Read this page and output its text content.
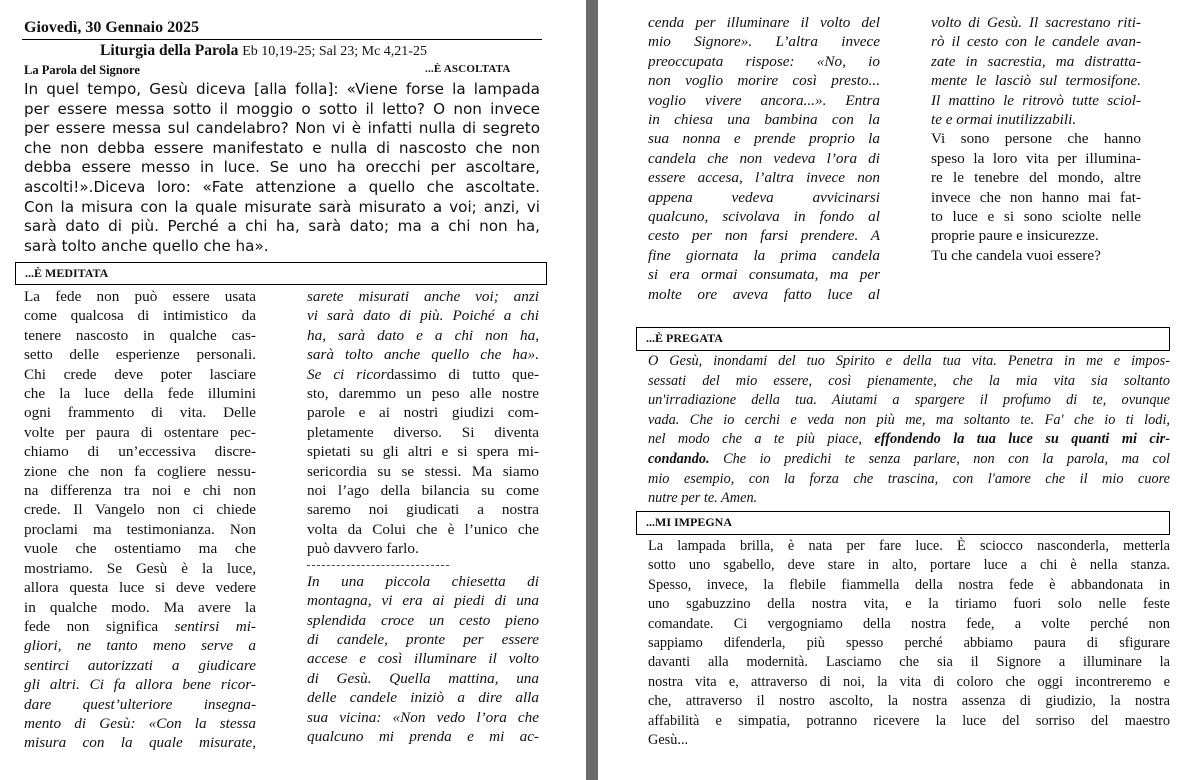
Giovedì, 30 Gennaio 2025
Liturgia della Parola Eb 10,19-25; Sal 23; Mc 4,21-25
La Parola del Signore	...È ASCOLTATA
In quel tempo, Gesù diceva [alla folla]: «Viene forse la lampada
per essere messa sotto il moggio o sotto il letto? O non invece
per essere messa sul candelabro? Non vi è infatti nulla di segreto
che non debba essere manifestato e nulla di nascosto che non
debba essere messo in luce. Se uno ha orecchi per ascoltare,
ascolti!».Diceva loro: «Fate attenzione a quello che ascoltate.
Con la misura con la quale misurate sarà misurato a voi; anzi, vi
sarà dato di più. Perché a chi ha, sarà dato; ma a chi non ha,
sarà tolto anche quello che ha».
...È MEDITATA
La fede non può essere usata
come qualcosa di intimistico da
tenere nascosto in qualche cas-
setto delle esperienze personali.
Chi crede deve poter lasciare
che la luce della fede illumini
ogni frammento di vita. Delle
volte per paura di ostentare pec-
chiamo di un’eccessiva discre-
zione che non fa cogliere nessu-
na differenza tra noi e chi non
crede. Il Vangelo non ci chiede
proclami ma testimonianza. Non
vuole che ostentiamo ma che
mostriamo. Se Gesù è la luce,
allora questa luce si deve vedere
in qualche modo. Ma avere la
fede non significa sentirsi mi-
gliori, ne tanto meno serve a
sentirci autorizzati a giudicare
gli altri. Ci fa allora bene ricor-
dare quest’ulteriore insegna-
mento di Gesù: «Con la stessa
misura con la quale misurate,
sarete misurati anche voi; anzi
vi sarà dato di più. Poiché a chi
ha, sarà dato e a chi non ha,
sarà tolto anche quello che ha».
Se ci ricordassimo di tutto que-
sto, daremmo un peso alle nostre
parole e ai nostri giudizi com-
pletamente diverso. Si diventa
spietati su gli altri e si spera mi-
sericordia su se stessi. Ma siamo
noi l’ago della bilancia su come
saremo noi giudicati a nostra
volta da Colui che è l’unico che
può davvero farlo.
In una piccola chiesetta di
montagna, vi era ai piedi di una
splendida croce un cesto pieno
di candele, pronte per essere
accese e così illuminare il volto
di Gesù. Quella mattina, una
delle candele iniziò a dire alla
sua vicina: «Non vedo l’ora che
qualcuno mi prenda e mi ac-
cenda per illuminare il volto del
mio Signore». L’altra invece
preoccupata rispose: «No, io
non voglio morire così presto...
voglio vivere ancora...». Entra
in chiesa una bambina con la
sua nonna e prende proprio la
candela che non vedeva l’ora di
essere accesa, l’altra invece non
appena vedeva avvicinarsi
qualcuno, scivolava in fondo al
cesto per non farsi prendere. A
fine giornata la prima candela
si era ormai consumata, ma per
molte ore aveva fatto luce al
volto di Gesù. Il sacrestano riti-
rò il cesto con le candele avan-
zate in sacrestia, ma distratta-
mente le lasciò sul termosifone.
Il mattino le ritrovò tutte sciol-
te e ormai inutilizzabili.
Vi sono persone che hanno
speso la loro vita per illumina-
re le tenebre del mondo, altre
invece che non hanno mai fat-
to luce e si sono sciolte nelle
proprie paure e insicurezze.
Tu che candela vuoi essere?
...È PREGATA
O Gesù, inondami del tuo Spirito e della tua vita. Penetra in me e impos-
sessati del mio essere, così pienamente, che la mia vita sia soltanto
un'irradiazione della tua. Aiutami a spargere il profumo di te, ovunque
vada. Che io cerchi e veda non più me, ma soltanto te. Fa' che io ti lodi,
nel modo che a te più piace, effondendo la tua luce su quanti mi cir-
condando. Che io predichi te senza parlare, non con la parola, ma col
mio esempio, con la forza che trascina, con l'amore che il mio cuore
nutre per te. Amen.
...MI IMPEGNA
La lampada brilla, è nata per fare luce. È sciocco nasconderla, metterla
sotto uno sgabello, deve stare in alto, portare luce a chi è nella stanza.
Spesso, invece, la flebile fiammella della nostra fede è abbandonata in
uno sgabuzzino della nostra vita, e la tiriamo fuori solo nelle feste
comandate. Ci vergogniamo della nostra fede, a volte perché non
sappiamo difenderla, più spesso perché abbiamo paura di sfigurare
davanti alla modernità. Lasciamo che sia il Signore a illuminare la
nostra vita e, attraverso di noi, la vita di coloro che oggi incontreremo e
che, attraverso il nostro ascolto, la nostra assenza di giudizio, la nostra
affabilità e simpatia, potranno ricevere la luce del sorriso del maestro
Gesù...
